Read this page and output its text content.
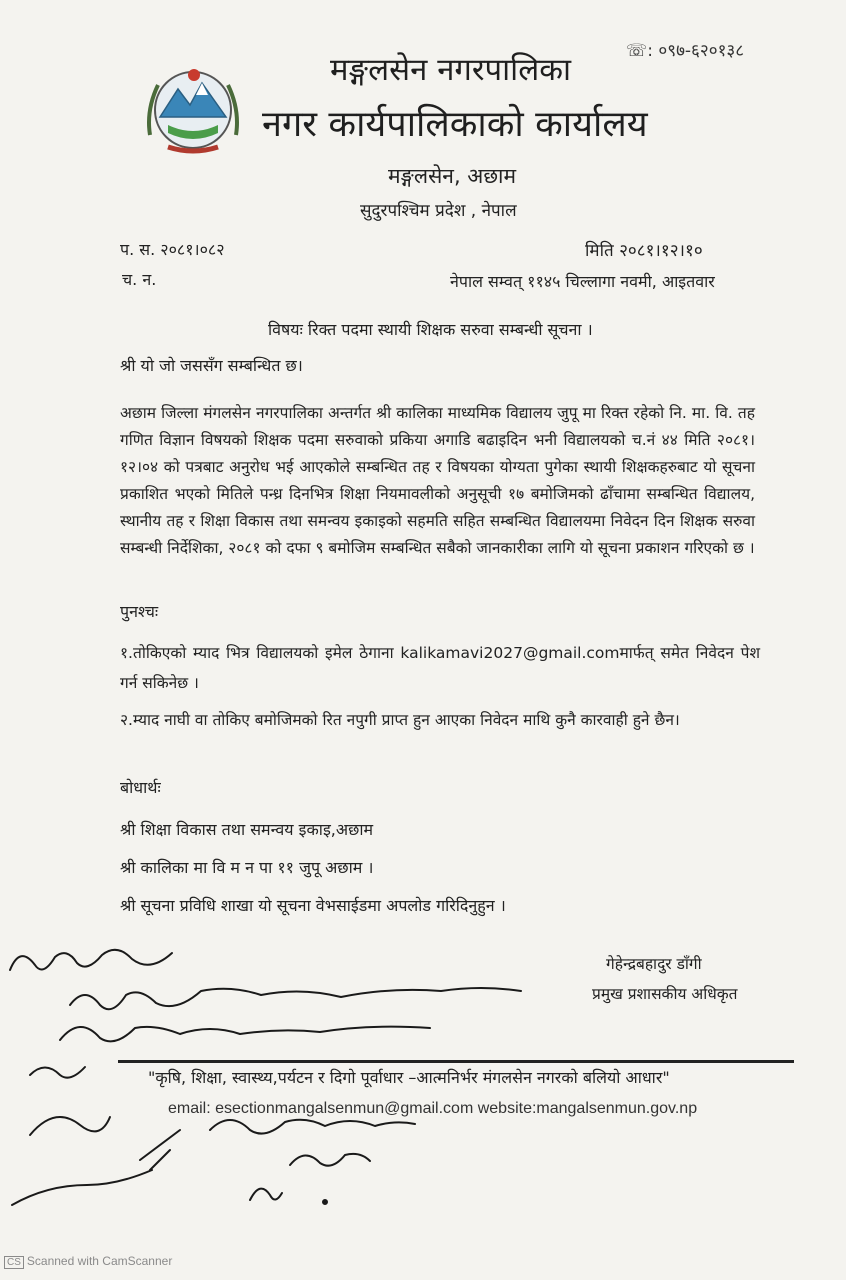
☏: ०९७-६२०१३८
मङ्गलसेन नगरपालिका
नगर कार्यपालिकाको कार्यालय
मङ्गलसेन, अछाम
सुदुरपश्चिम प्रदेश , नेपाल
प. स. २०८१।०८२
च. न.
मिति २०८१।१२।१०
नेपाल सम्वत् ११४५ चिल्लागा नवमी, आइतवार
विषयः रिक्त पदमा स्थायी शिक्षक सरुवा सम्बन्धी सूचना ।
श्री यो जो जससँग सम्बन्धित छ।
अछाम जिल्ला मंगलसेन नगरपालिका अन्तर्गत श्री कालिका माध्यमिक विद्यालय जुपू मा रिक्त रहेको नि. मा. वि. तह गणित विज्ञान विषयको शिक्षक पदमा सरुवाको प्रकिया अगाडि बढाइदिन भनी विद्यालयको च.नं ४४ मिति २०८१।१२।०४ को पत्रबाट अनुरोध भई आएकोले सम्बन्धित तह र विषयका योग्यता पुगेका स्थायी शिक्षकहरुबाट यो सूचना प्रकाशित भएको मितिले पन्ध्र दिनभित्र शिक्षा नियमावलीको अनुसूची १७ बमोजिमको ढाँचामा सम्बन्धित विद्यालय, स्थानीय तह र शिक्षा विकास तथा समन्वय इकाइको सहमति सहित सम्बन्धित विद्यालयमा निवेदन दिन शिक्षक सरुवा सम्बन्धी निर्देशिका, २०८१ को दफा ९ बमोजिम सम्बन्धित सबैको जानकारीका लागि यो सूचना प्रकाशन गरिएको छ ।
पुनश्चः
१.तोकिएको म्याद भित्र विद्यालयको इमेल ठेगाना kalikamavi2027@gmail.comमार्फत् समेत निवेदन पेश गर्न सकिनेछ ।
२.म्याद नाघी वा तोकिए बमोजिमको रित नपुगी प्राप्त हुन आएका निवेदन माथि कुनै कारवाही हुने छैन।
बोधार्थः
श्री शिक्षा विकास तथा समन्वय इकाइ,अछाम
श्री कालिका मा वि म न पा ११ जुपू अछाम ।
श्री सूचना प्रविधि शाखा यो सूचना वेभसाईडमा अपलोड गरिदिनुहुन ।
गेहेन्द्रबहादुर डाँगी
प्रमुख प्रशासकीय अधिकृत
"कृषि, शिक्षा, स्वास्थ्य,पर्यटन र दिगो पूर्वाधार –आत्मनिर्भर मंगलसेन नगरको बलियो आधार"
email: esectionmangalsenmun@gmail.com website:mangalsenmun.gov.np
CS Scanned with CamScanner
